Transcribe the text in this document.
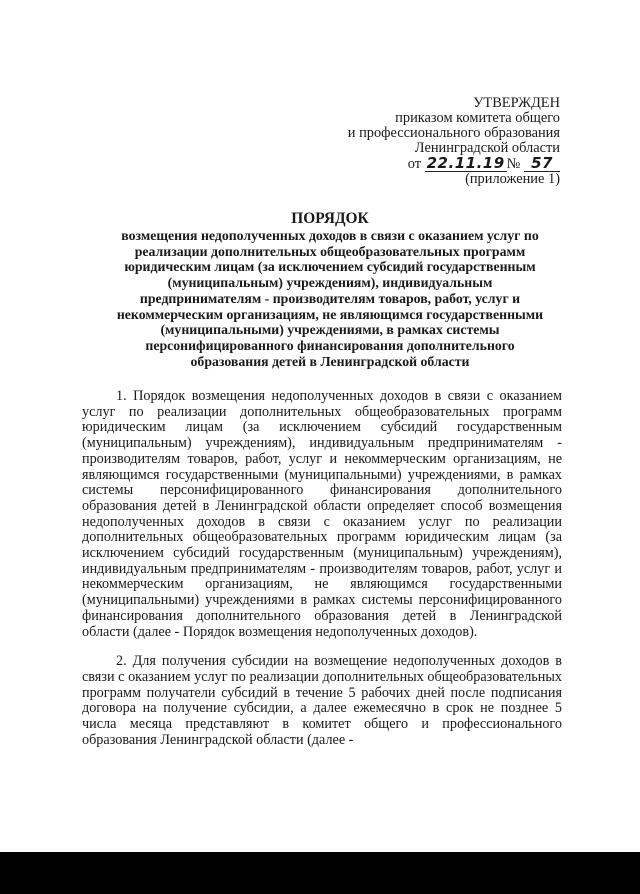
УТВЕРЖДЕН
приказом комитета общего
и профессионального образования
Ленинградской области
от 22.11.19 № 57
(приложение 1)
ПОРЯДОК
возмещения недополученных доходов в связи с оказанием услуг по
реализации дополнительных общеобразовательных программ
юридическим лицам (за исключением субсидий государственным
(муниципальным) учреждениям), индивидуальным
предпринимателям - производителям товаров, работ, услуг и
некоммерческим организациям, не являющимся государственными
(муниципальными) учреждениями, в рамках системы
персонифицированного финансирования дополнительного
образования детей в Ленинградской области

1. Порядок возмещения недополученных доходов в связи с оказанием услуг по реализации дополнительных общеобразовательных программ юридическим лицам (за исключением субсидий государственным (муниципальным) учреждениям), индивидуальным предпринимателям - производителям товаров, работ, услуг и некоммерческим организациям, не являющимся государственными (муниципальными) учреждениями, в рамках системы персонифицированного финансирования дополнительного образования детей в Ленинградской области определяет способ возмещения недополученных доходов в связи с оказанием услуг по реализации дополнительных общеобразовательных программ юридическим лицам (за исключением субсидий государственным (муниципальным) учреждениям), индивидуальным предпринимателям - производителям товаров, работ, услуг и некоммерческим организациям, не являющимся государственными (муниципальными) учреждениями в рамках системы персонифицированного финансирования дополнительного образования детей в Ленинградской области (далее - Порядок возмещения недополученных доходов).

2. Для получения субсидии на возмещение недополученных доходов в связи с оказанием услуг по реализации дополнительных общеобразовательных программ получатели субсидий в течение 5 рабочих дней после подписания договора на получение субсидии, а далее ежемесячно в срок не позднее 5 числа месяца представляют в комитет общего и профессионального образования Ленинградской области (далее -
